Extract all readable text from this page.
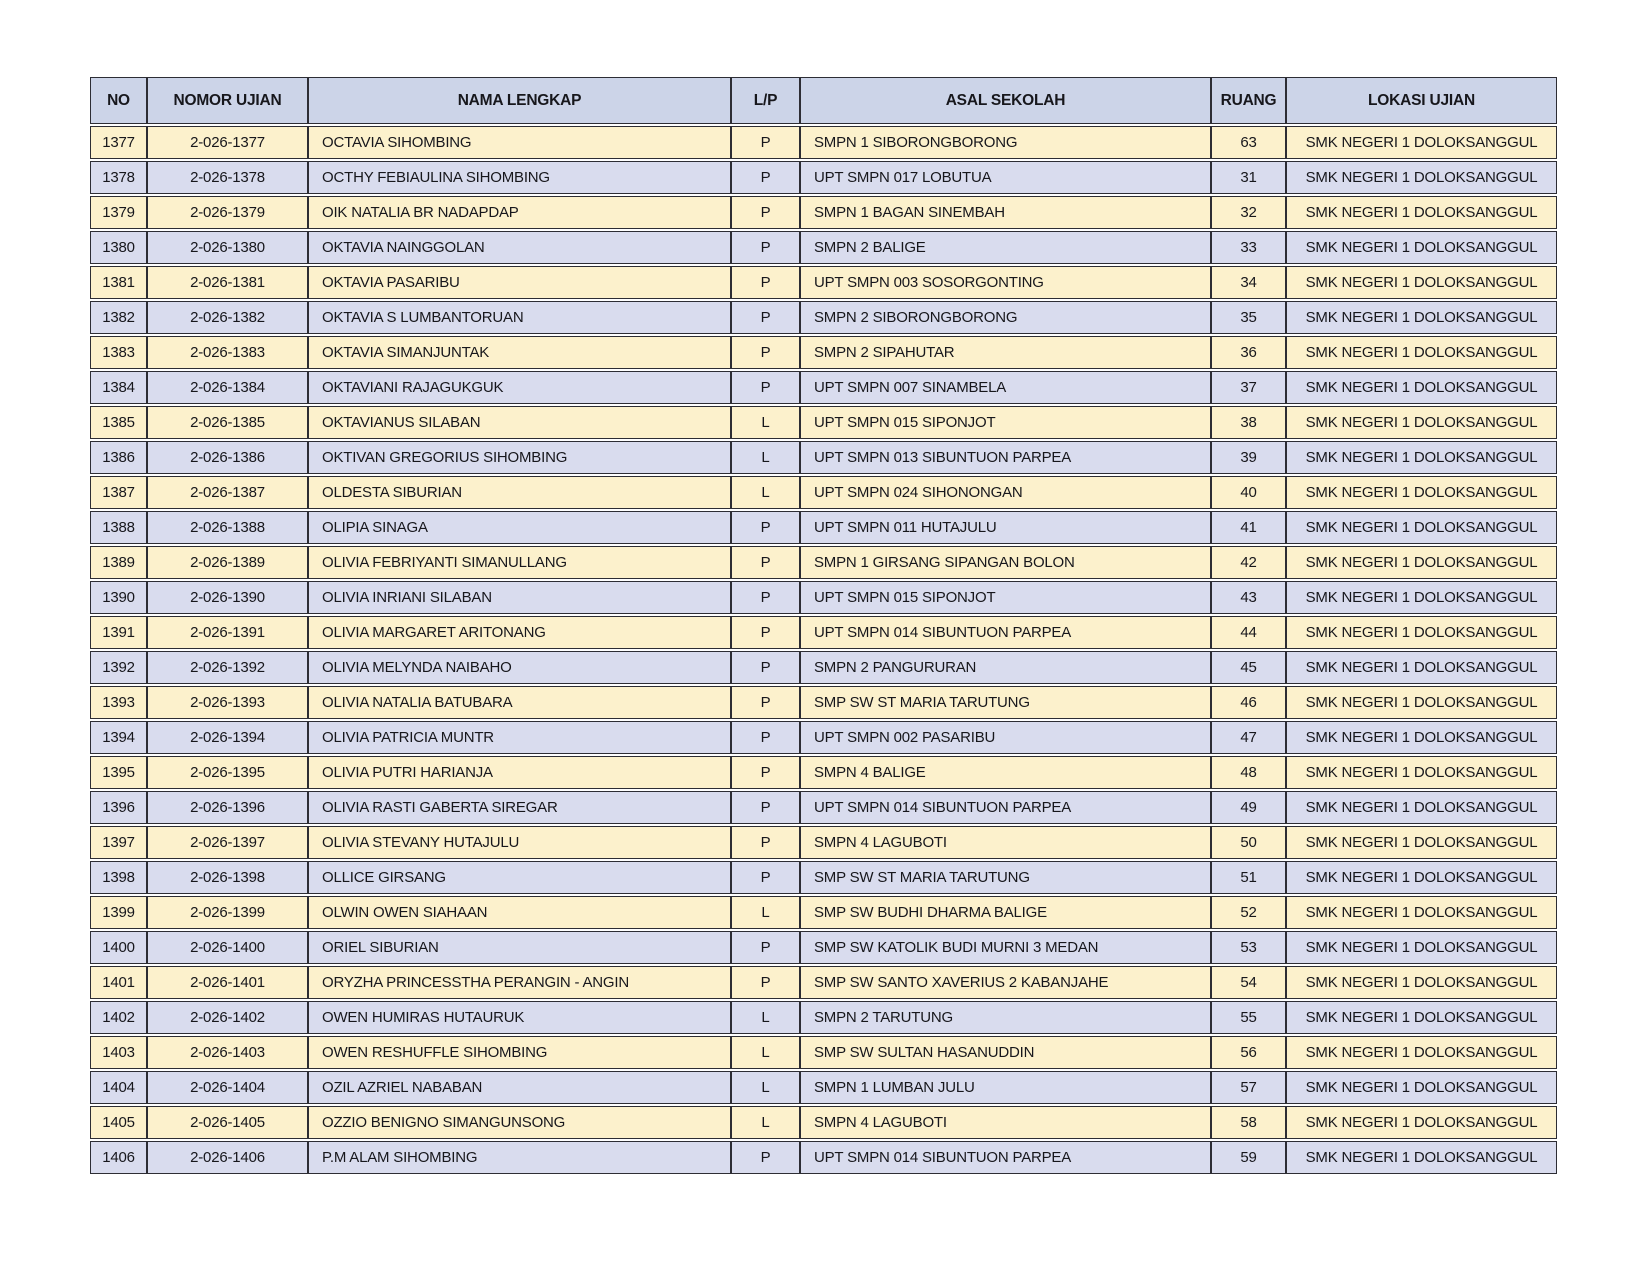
NO	NOMOR UJIAN	NAMA LENGKAP	L/P	ASAL SEKOLAH	RUANG	LOKASI UJIAN
1377	2-026-1377	OCTAVIA SIHOMBING	P	SMPN 1 SIBORONGBORONG	63	SMK NEGERI 1 DOLOKSANGGUL
1378	2-026-1378	OCTHY FEBIAULINA SIHOMBING	P	UPT SMPN 017 LOBUTUA	31	SMK NEGERI 1 DOLOKSANGGUL
1379	2-026-1379	OIK NATALIA BR NADAPDAP	P	SMPN 1 BAGAN SINEMBAH	32	SMK NEGERI 1 DOLOKSANGGUL
1380	2-026-1380	OKTAVIA NAINGGOLAN	P	SMPN 2 BALIGE	33	SMK NEGERI 1 DOLOKSANGGUL
1381	2-026-1381	OKTAVIA PASARIBU	P	UPT SMPN 003 SOSORGONTING	34	SMK NEGERI 1 DOLOKSANGGUL
1382	2-026-1382	OKTAVIA S LUMBANTORUAN	P	SMPN 2 SIBORONGBORONG	35	SMK NEGERI 1 DOLOKSANGGUL
1383	2-026-1383	OKTAVIA SIMANJUNTAK	P	SMPN 2 SIPAHUTAR	36	SMK NEGERI 1 DOLOKSANGGUL
1384	2-026-1384	OKTAVIANI RAJAGUKGUK	P	UPT SMPN 007 SINAMBELA	37	SMK NEGERI 1 DOLOKSANGGUL
1385	2-026-1385	OKTAVIANUS SILABAN	L	UPT SMPN 015 SIPONJOT	38	SMK NEGERI 1 DOLOKSANGGUL
1386	2-026-1386	OKTIVAN GREGORIUS SIHOMBING	L	UPT SMPN 013 SIBUNTUON PARPEA	39	SMK NEGERI 1 DOLOKSANGGUL
1387	2-026-1387	OLDESTA SIBURIAN	L	UPT SMPN 024 SIHONONGAN	40	SMK NEGERI 1 DOLOKSANGGUL
1388	2-026-1388	OLIPIA SINAGA	P	UPT SMPN 011 HUTAJULU	41	SMK NEGERI 1 DOLOKSANGGUL
1389	2-026-1389	OLIVIA FEBRIYANTI SIMANULLANG	P	SMPN 1 GIRSANG SIPANGAN BOLON	42	SMK NEGERI 1 DOLOKSANGGUL
1390	2-026-1390	OLIVIA INRIANI SILABAN	P	UPT SMPN 015 SIPONJOT	43	SMK NEGERI 1 DOLOKSANGGUL
1391	2-026-1391	OLIVIA MARGARET ARITONANG	P	UPT SMPN 014 SIBUNTUON PARPEA	44	SMK NEGERI 1 DOLOKSANGGUL
1392	2-026-1392	OLIVIA MELYNDA NAIBAHO	P	SMPN 2 PANGURURAN	45	SMK NEGERI 1 DOLOKSANGGUL
1393	2-026-1393	OLIVIA NATALIA BATUBARA	P	SMP SW ST MARIA TARUTUNG	46	SMK NEGERI 1 DOLOKSANGGUL
1394	2-026-1394	OLIVIA PATRICIA MUNTR	P	UPT SMPN 002 PASARIBU	47	SMK NEGERI 1 DOLOKSANGGUL
1395	2-026-1395	OLIVIA PUTRI HARIANJA	P	SMPN 4 BALIGE	48	SMK NEGERI 1 DOLOKSANGGUL
1396	2-026-1396	OLIVIA RASTI GABERTA SIREGAR	P	UPT SMPN 014 SIBUNTUON PARPEA	49	SMK NEGERI 1 DOLOKSANGGUL
1397	2-026-1397	OLIVIA STEVANY HUTAJULU	P	SMPN 4 LAGUBOTI	50	SMK NEGERI 1 DOLOKSANGGUL
1398	2-026-1398	OLLICE GIRSANG	P	SMP SW ST MARIA TARUTUNG	51	SMK NEGERI 1 DOLOKSANGGUL
1399	2-026-1399	OLWIN OWEN SIAHAAN	L	SMP SW BUDHI DHARMA BALIGE	52	SMK NEGERI 1 DOLOKSANGGUL
1400	2-026-1400	ORIEL SIBURIAN	P	SMP SW KATOLIK BUDI MURNI 3 MEDAN	53	SMK NEGERI 1 DOLOKSANGGUL
1401	2-026-1401	ORYZHA PRINCESSTHA PERANGIN - ANGIN	P	SMP SW SANTO XAVERIUS 2 KABANJAHE	54	SMK NEGERI 1 DOLOKSANGGUL
1402	2-026-1402	OWEN HUMIRAS HUTAURUK	L	SMPN 2 TARUTUNG	55	SMK NEGERI 1 DOLOKSANGGUL
1403	2-026-1403	OWEN RESHUFFLE SIHOMBING	L	SMP SW SULTAN HASANUDDIN	56	SMK NEGERI 1 DOLOKSANGGUL
1404	2-026-1404	OZIL AZRIEL NABABAN	L	SMPN 1 LUMBAN JULU	57	SMK NEGERI 1 DOLOKSANGGUL
1405	2-026-1405	OZZIO BENIGNO SIMANGUNSONG	L	SMPN 4 LAGUBOTI	58	SMK NEGERI 1 DOLOKSANGGUL
1406	2-026-1406	P.M ALAM SIHOMBING	P	UPT SMPN 014 SIBUNTUON PARPEA	59	SMK NEGERI 1 DOLOKSANGGUL
